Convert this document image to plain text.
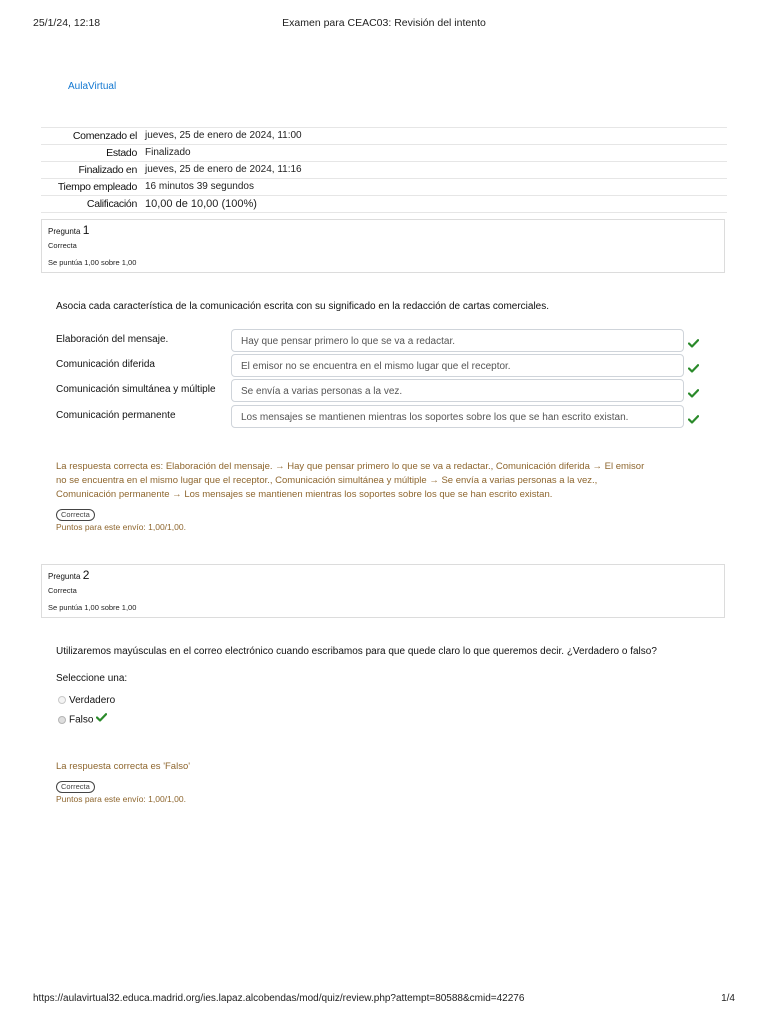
25/1/24, 12:18	Examen para CEAC03: Revisión del intento
AulaVirtual
Comenzado el	jueves, 25 de enero de 2024, 11:00
Estado	Finalizado
Finalizado en	jueves, 25 de enero de 2024, 11:16
Tiempo empleado	16 minutos 39 segundos
Calificación	10,00 de 10,00 (100%)
Pregunta 1
Correcta
Se puntúa 1,00 sobre 1,00
Asocia cada característica de la comunicación escrita con su significado en la redacción de cartas comerciales.
Elaboración del mensaje.	Hay que pensar primero lo que se va a redactar.
Comunicación diferida	El emisor no se encuentra en el mismo lugar que el receptor.
Comunicación simultánea y múltiple	Se envía a varias personas a la vez.
Comunicación permanente	Los mensajes se mantienen mientras los soportes sobre los que se han escrito existan.
La respuesta correcta es: Elaboración del mensaje. → Hay que pensar primero lo que se va a redactar., Comunicación diferida → El emisor
no se encuentra en el mismo lugar que el receptor., Comunicación simultánea y múltiple → Se envía a varias personas a la vez.,
Comunicación permanente → Los mensajes se mantienen mientras los soportes sobre los que se han escrito existan.
Correcta
Puntos para este envío: 1,00/1,00.
Pregunta 2
Correcta
Se puntúa 1,00 sobre 1,00
Utilizaremos mayúsculas en el correo electrónico cuando escribamos para que quede claro lo que queremos decir. ¿Verdadero o falso?
Seleccione una:
Verdadero
Falso
La respuesta correcta es 'Falso'
Correcta
Puntos para este envío: 1,00/1,00.
https://aulavirtual32.educa.madrid.org/ies.lapaz.alcobendas/mod/quiz/review.php?attempt=80588&cmid=42276	1/4
